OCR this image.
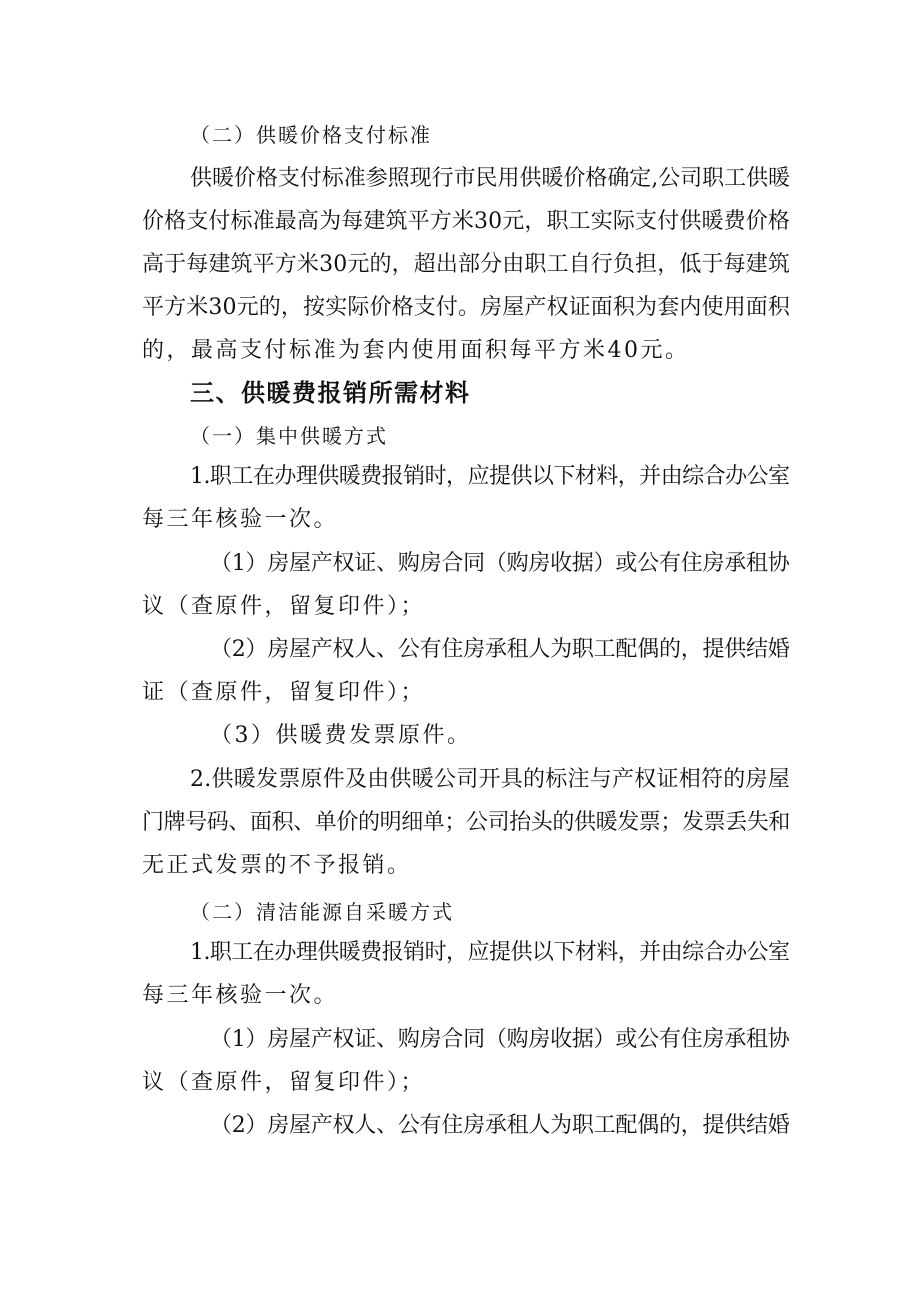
（二）供暖价格支付标准
供暖价格支付标准参照现行市民用供暖价格确定,公司职工供暖
价格支付标准最高为每建筑平方米30元，职工实际支付供暖费价格
高于每建筑平方米30元的，超出部分由职工自行负担，低于每建筑
平方米30元的，按实际价格支付。房屋产权证面积为套内使用面积
的，最高支付标准为套内使用面积每平方米40元。
三、供暖费报销所需材料
（一）集中供暖方式
1.职工在办理供暖费报销时，应提供以下材料，并由综合办公室
每三年核验一次。
（1）房屋产权证、购房合同（购房收据）或公有住房承租协
议（查原件，留复印件）；
（2）房屋产权人、公有住房承租人为职工配偶的，提供结婚
证（查原件，留复印件）；
（3）供暖费发票原件。
2.供暖发票原件及由供暖公司开具的标注与产权证相符的房屋
门牌号码、面积、单价的明细单；公司抬头的供暖发票；发票丢失和
无正式发票的不予报销。
（二）清洁能源自采暖方式
1.职工在办理供暖费报销时，应提供以下材料，并由综合办公室
每三年核验一次。
（1）房屋产权证、购房合同（购房收据）或公有住房承租协
议（查原件，留复印件）；
（2）房屋产权人、公有住房承租人为职工配偶的，提供结婚
